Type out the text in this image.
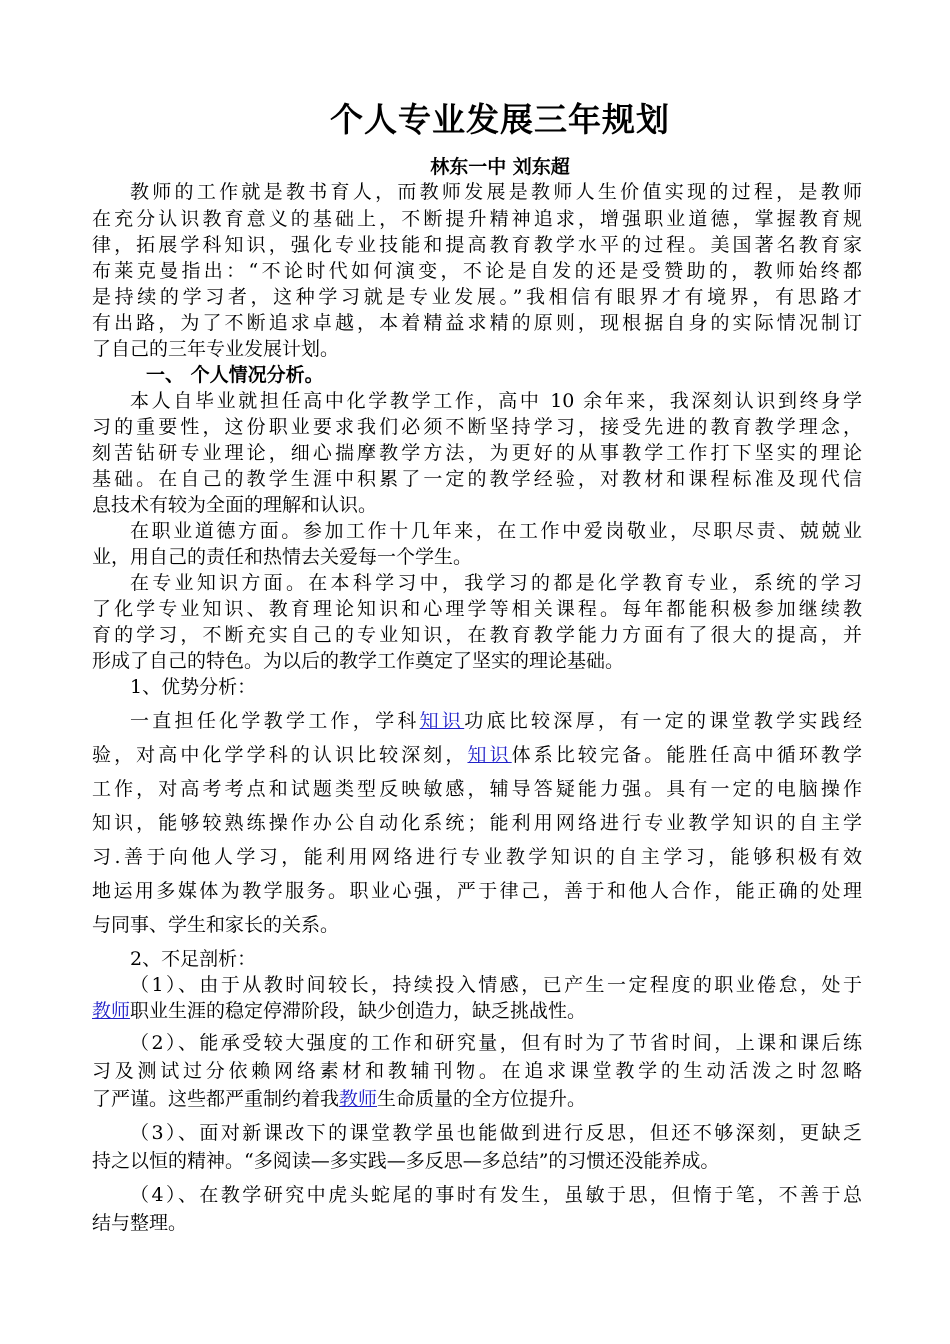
个人专业发展三年规划
林东一中 刘东超
教师的工作就是教书育人，而教师发展是教师人生价值实现的过程，是教师
在充分认识教育意义的基础上，不断提升精神追求，增强职业道德，掌握教育规
律，拓展学科知识，强化专业技能和提高教育教学水平的过程。美国著名教育家
布莱克曼指出：“不论时代如何演变，不论是自发的还是受赞助的，教师始终都
是持续的学习者，这种学习就是专业发展。”我相信有眼界才有境界，有思路才
有出路，为了不断追求卓越，本着精益求精的原则，现根据自身的实际情况制订
了自己的三年专业发展计划。
一、 个人情况分析。
本人自毕业就担任高中化学教学工作，高中 10 余年来，我深刻认识到终身学
习的重要性，这份职业要求我们必须不断坚持学习，接受先进的教育教学理念，
刻苦钻研专业理论，细心揣摩教学方法，为更好的从事教学工作打下坚实的理论
基础。在自己的教学生涯中积累了一定的教学经验，对教材和课程标准及现代信
息技术有较为全面的理解和认识。
在职业道德方面。参加工作十几年来，在工作中爱岗敬业，尽职尽责、兢兢业
业，用自己的责任和热情去关爱每一个学生。
在专业知识方面。在本科学习中，我学习的都是化学教育专业，系统的学习
了化学专业知识、教育理论知识和心理学等相关课程。每年都能积极参加继续教
育的学习，不断充实自己的专业知识，在教育教学能力方面有了很大的提高，并
形成了自己的特色。为以后的教学工作奠定了坚实的理论基础。
1、优势分析：
一直担任化学教学工作，学科知识功底比较深厚，有一定的课堂教学实践经
验，对高中化学学科的认识比较深刻，知识体系比较完备。能胜任高中循环教学
工作，对高考考点和试题类型反映敏感，辅导答疑能力强。具有一定的电脑操作
知识，能够较熟练操作办公自动化系统；能利用网络进行专业教学知识的自主学
习.善于向他人学习，能利用网络进行专业教学知识的自主学习，能够积极有效
地运用多媒体为教学服务。职业心强，严于律己，善于和他人合作，能正确的处理
与同事、学生和家长的关系。
2、不足剖析：
（1）、由于从教时间较长，持续投入情感，已产生一定程度的职业倦怠，处于
教师职业生涯的稳定停滞阶段，缺少创造力，缺乏挑战性。
（2）、能承受较大强度的工作和研究量，但有时为了节省时间，上课和课后练
习及测试过分依赖网络素材和教辅刊物。在追求课堂教学的生动活泼之时忽略
了严谨。这些都严重制约着我教师生命质量的全方位提升。
（3）、面对新课改下的课堂教学虽也能做到进行反思，但还不够深刻，更缺乏
持之以恒的精神。“多阅读—多实践—多反思—多总结”的习惯还没能养成。
（4）、在教学研究中虎头蛇尾的事时有发生，虽敏于思，但惰于笔，不善于总
结与整理。
